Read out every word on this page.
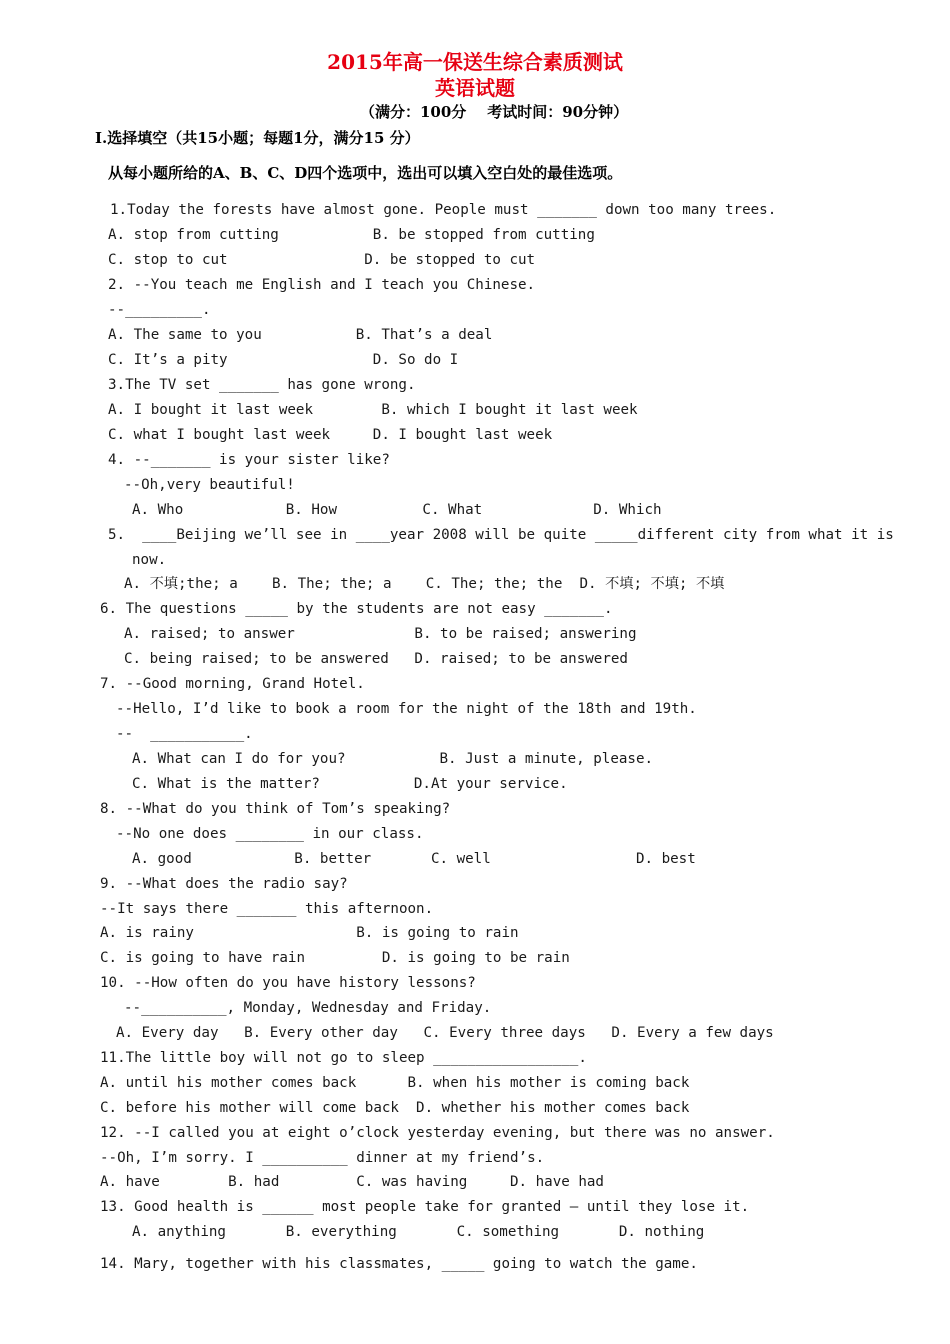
2015年高一保送生综合素质测试
英语试题
（满分：100分    考试时间：90分钟）
Ⅰ.选择填空（共15小题；每题1分，满分15 分）
从每小题所给的A、B、C、D四个选项中，选出可以填入空白处的最佳选项。
1.Today the forests have almost gone. People must _______ down too many trees.
A. stop from cutting           B. be stopped from cutting
C. stop to cut                D. be stopped to cut
2. --You teach me English and I teach you Chinese.
--_________.
A. The same to you           B. That’s a deal
C. It’s a pity                 D. So do I
3.The TV set _______ has gone wrong.
A. I bought it last week        B. which I bought it last week
C. what I bought last week     D. I bought last week
4. --_______ is your sister like?
--Oh,very beautiful!
A. Who            B. How          C. What             D. Which
5.  ____Beijing we’ll see in ____year 2008 will be quite _____different city from what it is
now.
A. 不填;the; a    B. The; the; a    C. The; the; the  D. 不填; 不填; 不填
6. The questions _____ by the students are not easy _______.
A. raised; to answer              B. to be raised; answering
C. being raised; to be answered   D. raised; to be answered
7. --Good morning, Grand Hotel.
--Hello, I’d like to book a room for the night of the 18th and 19th.
--  ___________.
A. What can I do for you?           B. Just a minute, please.
C. What is the matter?           D.At your service.
8. --What do you think of Tom’s speaking?
--No one does ________ in our class.
A. good            B. better       C. well                 D. best
9. --What does the radio say?
--It says there _______ this afternoon.
A. is rainy                   B. is going to rain
C. is going to have rain         D. is going to be rain
10. --How often do you have history lessons?
--__________, Monday, Wednesday and Friday.
A. Every day   B. Every other day   C. Every three days   D. Every a few days
11.The little boy will not go to sleep _________________.
A. until his mother comes back      B. when his mother is coming back
C. before his mother will come back  D. whether his mother comes back
12. --I called you at eight o’clock yesterday evening, but there was no answer.
--Oh, I’m sorry. I __________ dinner at my friend’s.
A. have        B. had         C. was having     D. have had
13. Good health is ______ most people take for granted — until they lose it.
A. anything       B. everything       C. something       D. nothing
14. Mary, together with his classmates, _____ going to watch the game.
